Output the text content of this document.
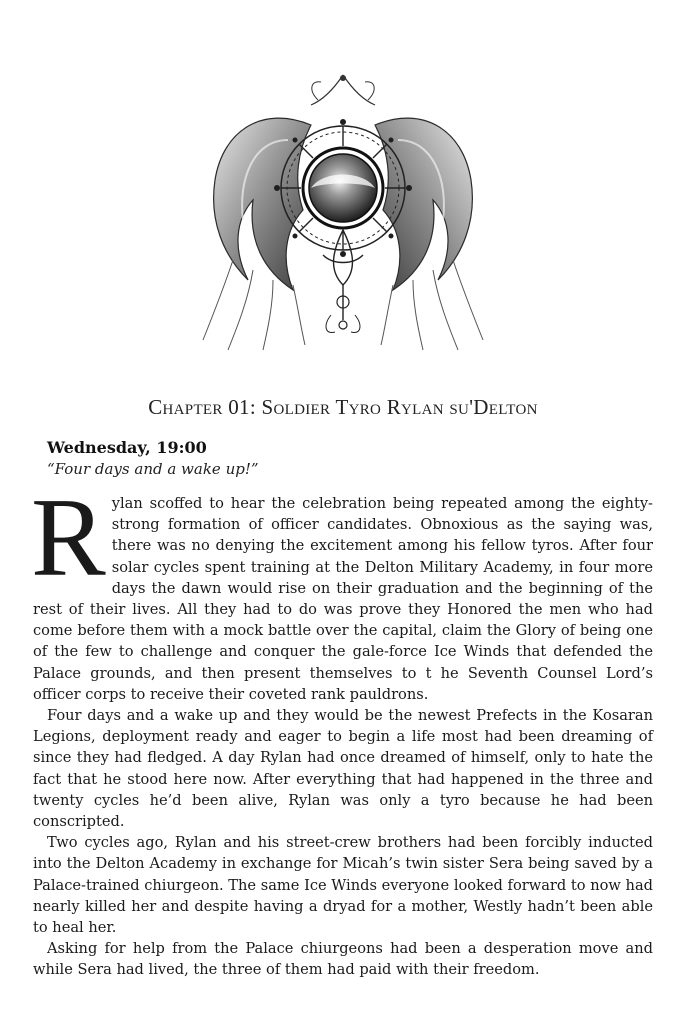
Chapter 01: Soldier Tyro Rylan su'Delton
Wednesday, 19:00
“Four days and a wake up!”

Rylan scoffed to hear the celebration being repeated among the eighty-strong formation of officer candidates. Obnoxious as the saying was, there was no denying the excitement among his fellow tyros. After four solar cycles spent training at the Delton Military Academy, in four more days the dawn would rise on their graduation and the beginning of the rest of their lives. All they had to do was prove they Honored the men who had come before them with a mock battle over the capital, claim the Glory of being one of the few to challenge and conquer the gale-force Ice Winds that defended the Palace grounds, and then present themselves to t he Seventh Counsel Lord’s officer corps to receive their coveted rank pauldrons.

Four days and a wake up and they would be the newest Prefects in the Kosaran Legions, deployment ready and eager to begin a life most had been dreaming of since they had fledged. A day Rylan had once dreamed of himself, only to hate the fact that he stood here now. After everything that had happened in the three and twenty cycles he’d been alive, Rylan was only a tyro because he had been conscripted.

Two cycles ago, Rylan and his street-crew brothers had been forcibly inducted into the Delton Academy in exchange for Micah’s twin sister Sera being saved by a Palace-trained chiurgeon. The same Ice Winds everyone looked forward to now had nearly killed her and despite having a dryad for a mother, Westly hadn’t been able to heal her.

Asking for help from the Palace chiurgeons had been a desperation move and while Sera had lived, the three of them had paid with their freedom.
